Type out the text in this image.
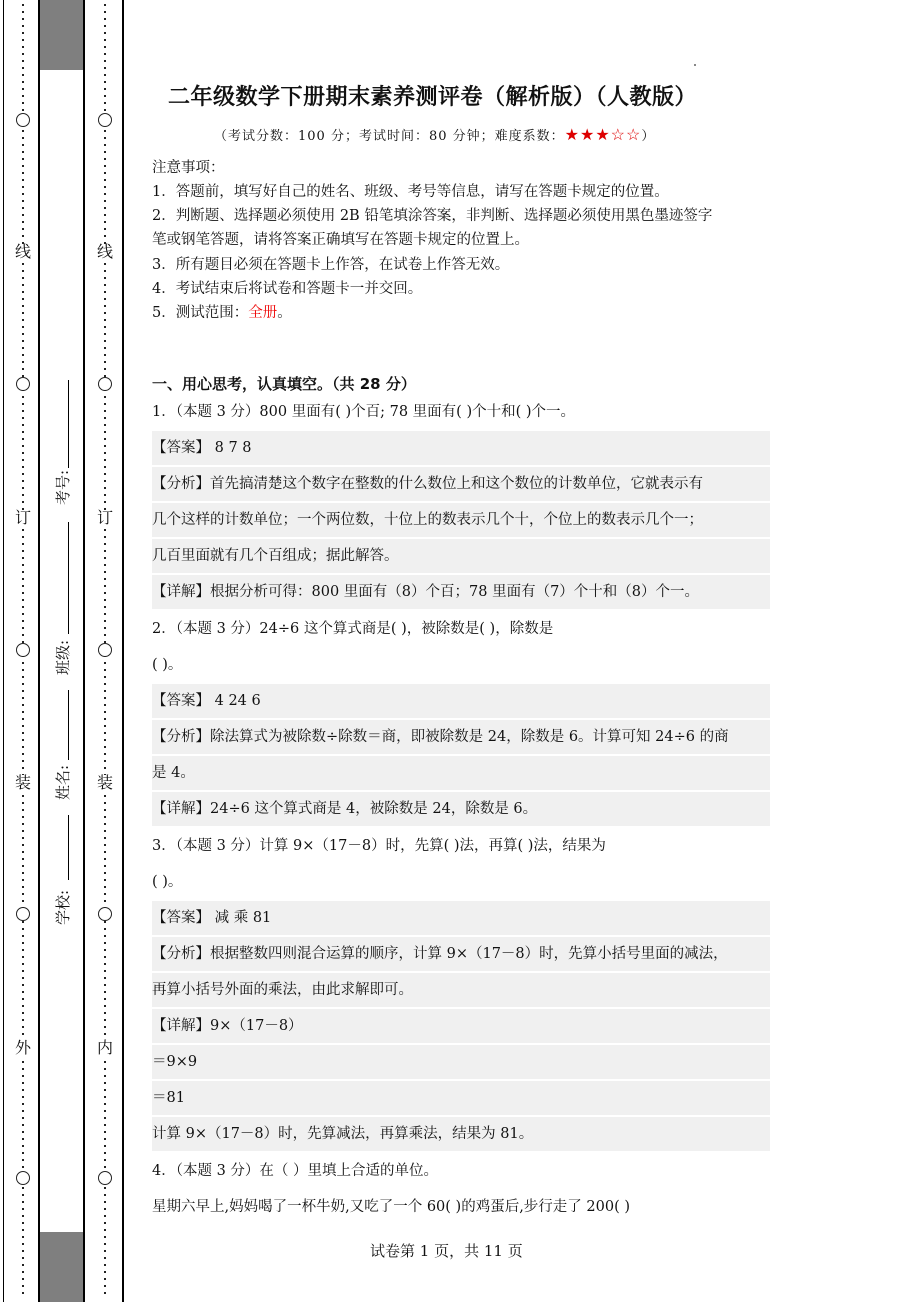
线
订
装
外
线
订
装
内
考号:
班级:
姓名:
学校:
二年级数学下册期末素养测评卷（解析版）（人教版）
（考试分数：100 分；考试时间：80 分钟；难度系数：★★★☆☆）
注意事项：
1．答题前，填写好自己的姓名、班级、考号等信息，请写在答题卡规定的位置。
2．判断题、选择题必须使用 2B 铅笔填涂答案，非判断、选择题必须使用黑色墨迹签字
笔或钢笔答题，请将答案正确填写在答题卡规定的位置上。
3．所有题目必须在答题卡上作答，在试卷上作答无效。
4．考试结束后将试卷和答题卡一并交回。
5．测试范围：全册。
一、用心思考，认真填空。（共 28 分）
1．（本题 3 分）800 里面有( )个百; 78 里面有( )个十和( )个一。
【答案】 8 7 8
【分析】首先搞清楚这个数字在整数的什么数位上和这个数位的计数单位，它就表示有
几个这样的计数单位；一个两位数，十位上的数表示几个十，个位上的数表示几个一；
几百里面就有几个百组成；据此解答。
【详解】根据分析可得：800 里面有（8）个百；78 里面有（7）个十和（8）个一。
2．（本题 3 分）24÷6 这个算式商是( )，被除数是( )，除数是
( )。
【答案】 4 24 6
【分析】除法算式为被除数÷除数＝商，即被除数是 24，除数是 6。计算可知 24÷6 的商
是 4。
【详解】24÷6 这个算式商是 4，被除数是 24，除数是 6。
3．（本题 3 分）计算 9×（17－8）时，先算( )法，再算( )法，结果为
( )。
【答案】 减 乘 81
【分析】根据整数四则混合运算的顺序，计算 9×（17－8）时，先算小括号里面的减法，
再算小括号外面的乘法，由此求解即可。
【详解】9×（17－8）
＝9×9
＝81
计算 9×（17－8）时，先算减法，再算乘法，结果为 81。
4．（本题 3 分）在（ ）里填上合适的单位。
星期六早上,妈妈喝了一杯牛奶,又吃了一个 60( )的鸡蛋后,步行走了 200( )
试卷第 1 页，共 11 页
